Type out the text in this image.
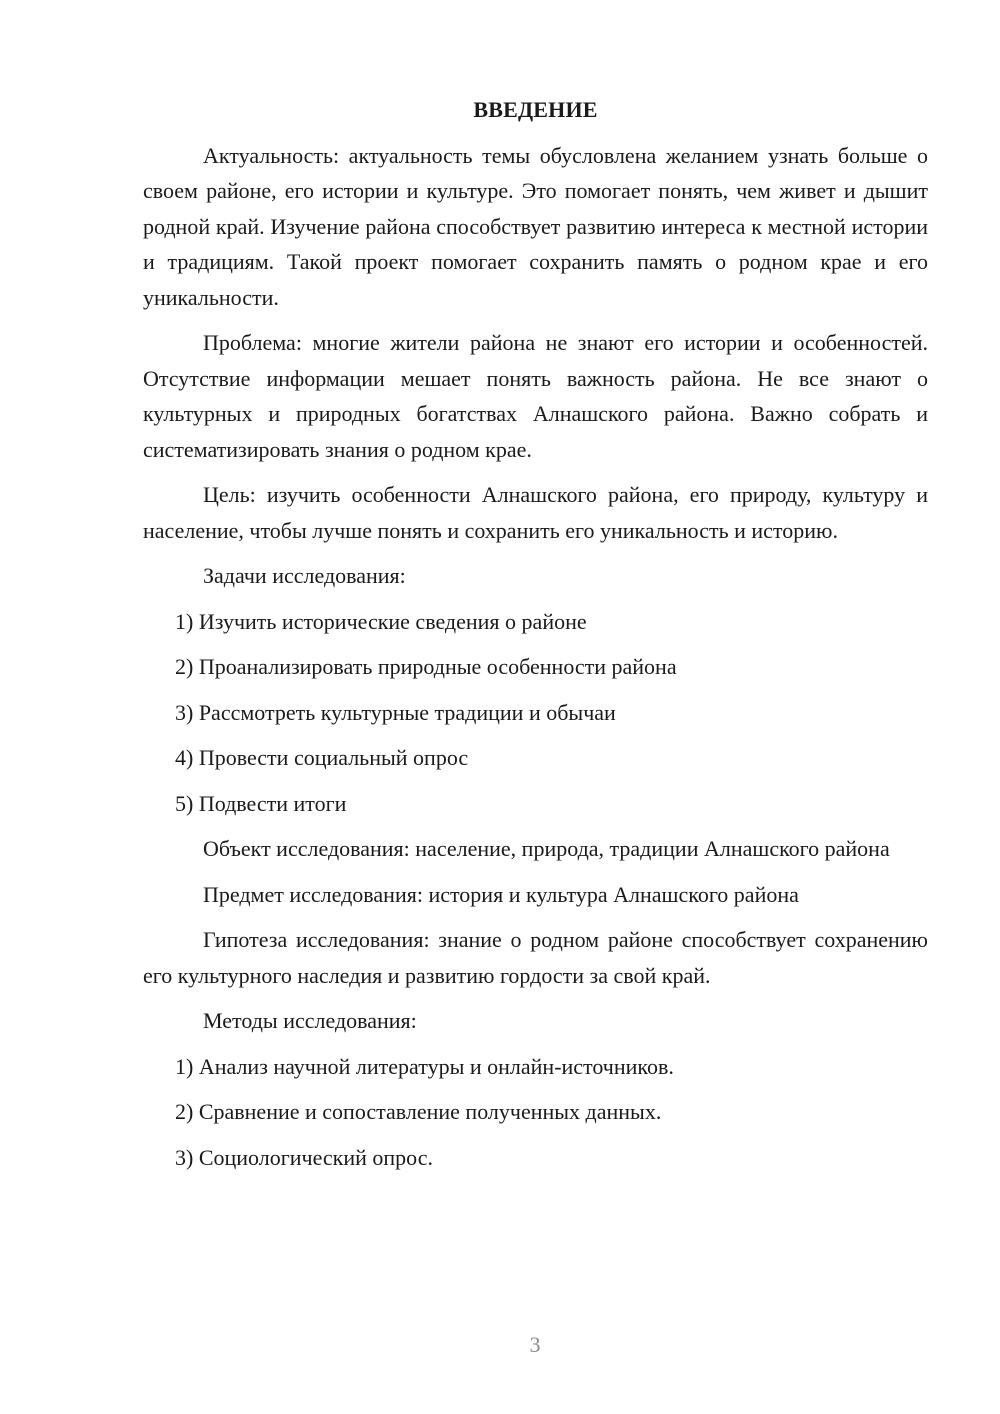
ВВЕДЕНИЕ

Актуальность: актуальность темы обусловлена желанием узнать больше о своем районе, его истории и культуре. Это помогает понять, чем живет и дышит родной край. Изучение района способствует развитию интереса к местной истории и традициям. Такой проект помогает сохранить память о родном крае и его уникальности.

Проблема: многие жители района не знают его истории и особенностей. Отсутствие информации мешает понять важность района. Не все знают о культурных и природных богатствах Алнашского района. Важно собрать и систематизировать знания о родном крае.

Цель: изучить особенности Алнашского района, его природу, культуру и население, чтобы лучше понять и сохранить его уникальность и историю.

Задачи исследования:

1) Изучить исторические сведения о районе

2) Проанализировать природные особенности района

3) Рассмотреть культурные традиции и обычаи

4) Провести социальный опрос

5) Подвести итоги

Объект исследования: население, природа, традиции Алнашского района

Предмет исследования: история и культура Алнашского района

Гипотеза исследования: знание о родном районе способствует сохранению его культурного наследия и развитию гордости за свой край.

Методы исследования:

1) Анализ научной литературы и онлайн-источников.

2) Сравнение и сопоставление полученных данных.

3) Социологический опрос.

3
